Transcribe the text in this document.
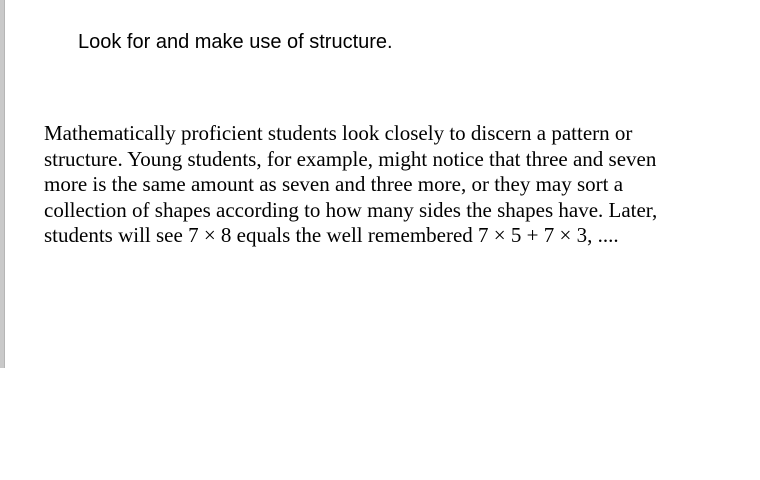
Look for and make use of structure.

Mathematically proficient students look closely to discern a pattern or
structure. Young students, for example, might notice that three and seven
more is the same amount as seven and three more, or they may sort a
collection of shapes according to how many sides the shapes have. Later,
students will see 7 × 8 equals the well remembered 7 × 5 + 7 × 3, ....
